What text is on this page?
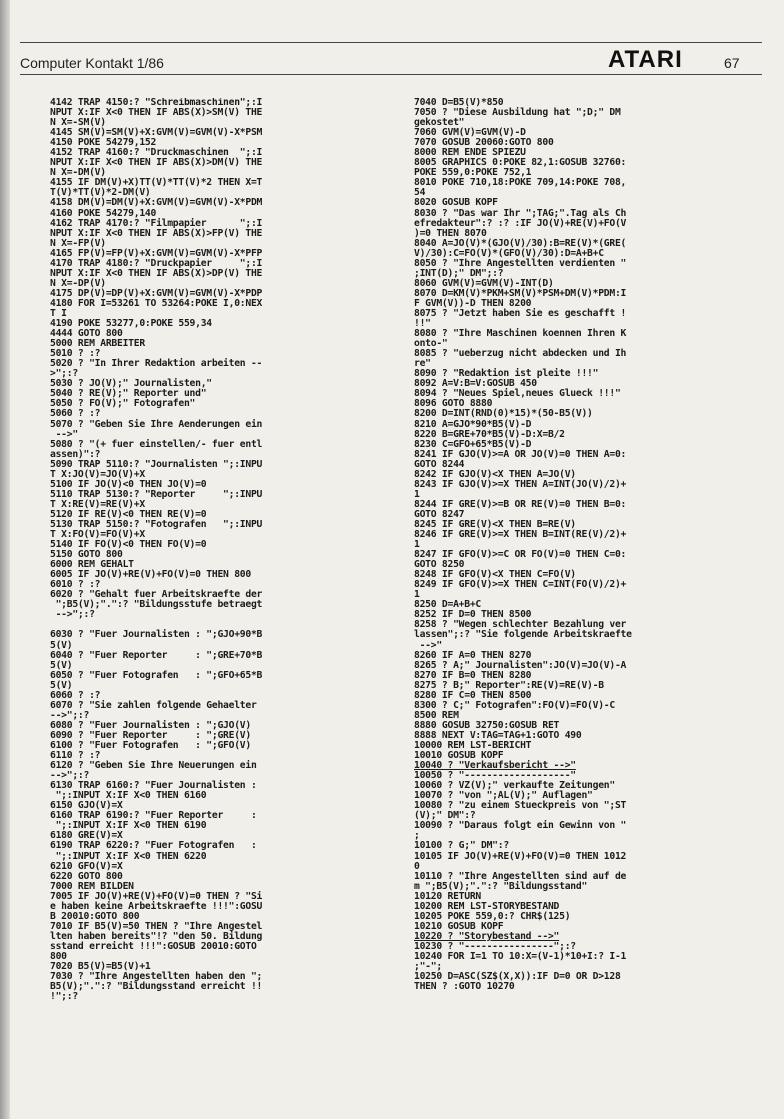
Computer Kontakt 1/86	ATARI	67
4142 TRAP 4150:? "Schreibmaschinen";:I
NPUT X:IF X<0 THEN IF ABS(X)>SM(V) THE
N X=-SM(V)
4145 SM(V)=SM(V)+X:GVM(V)=GVM(V)-X*PSM
4150 POKE 54279,152
4152 TRAP 4160:? "Druckmaschinen  ";:I
NPUT X:IF X<0 THEN IF ABS(X)>DM(V) THE
N X=-DM(V)
4155 IF DM(V)+X)TT(V)*TT(V)*2 THEN X=T
T(V)*TT(V)*2-DM(V)
4158 DM(V)=DM(V)+X:GVM(V)=GVM(V)-X*PDM
4160 POKE 54279,140
4162 TRAP 4170:? "Filmpapier      ";:I
NPUT X:IF X<0 THEN IF ABS(X)>FP(V) THE
N X=-FP(V)
4165 FP(V)=FP(V)+X:GVM(V)=GVM(V)-X*PFP
4170 TRAP 4180:? "Druckpapier     ";:I
NPUT X:IF X<0 THEN IF ABS(X)>DP(V) THE
N X=-DP(V)
4175 DP(V)=DP(V)+X:GVM(V)=GVM(V)-X*PDP
4180 FOR I=53261 TO 53264:POKE I,0:NEX
T I
4190 POKE 53277,0:POKE 559,34
4444 GOTO 800
5000 REM ARBEITER
5010 ? :?
5020 ? "In Ihrer Redaktion arbeiten --
>";:?
5030 ? JO(V);" Journalisten,"
5040 ? RE(V);" Reporter und"
5050 ? FO(V);" Fotografen"
5060 ? :?
5070 ? "Geben Sie Ihre Aenderungen ein
-->"
5080 ? "(+ fuer einstellen/- fuer entl
assen)":?
5090 TRAP 5110:? "Journalisten ";:INPU
T X:JO(V)=JO(V)+X
5100 IF JO(V)<0 THEN JO(V)=0
5110 TRAP 5130:? "Reporter     ";:INPU
T X:RE(V)=RE(V)+X
5120 IF RE(V)<0 THEN RE(V)=0
5130 TRAP 5150:? "Fotografen   ";:INPU
T X:FO(V)=FO(V)+X
5140 IF FO(V)<0 THEN FO(V)=0
5150 GOTO 800
6000 REM GEHALT
6005 IF JO(V)+RE(V)+FO(V)=0 THEN 800
6010 ? :?
6020 ? "Gehalt fuer Arbeitskraefte der
";B5(V);".":? "Bildungsstufe betraegt
-->";:?
6030 ? "Fuer Journalisten : ";GJO+90*B
5(V)
6040 ? "Fuer Reporter     : ";GRE+70*B
5(V)
6050 ? "Fuer Fotografen   : ";GFO+65*B
5(V)
6060 ? :?
6070 ? "Sie zahlen folgende Gehaelter
-->";:?
6080 ? "Fuer Journalisten : ";GJO(V)
6090 ? "Fuer Reporter     : ";GRE(V)
6100 ? "Fuer Fotografen   : ";GFO(V)
6110 ? :?
6120 ? "Geben Sie Ihre Neuerungen ein
-->";:?
6130 TRAP 6160:? "Fuer Journalisten :
";:INPUT X:IF X<0 THEN 6160
6150 GJO(V)=X
6160 TRAP 6190:? "Fuer Reporter     :
";:INPUT X:IF X<0 THEN 6190
6180 GRE(V)=X
6190 TRAP 6220:? "Fuer Fotografen   :
";:INPUT X:IF X<0 THEN 6220
6210 GFO(V)=X
6220 GOTO 800
7000 REM BILDEN
7005 IF JO(V)+RE(V)+FO(V)=0 THEN ? "Si
e haben keine Arbeitskraefte !!!":GOSU
B 20010:GOTO 800
7010 IF B5(V)=50 THEN ? "Ihre Angestel
lten haben bereits"!? "den 50. Bildung
sstand erreicht !!!":GOSUB 20010:GOTO
800
7020 B5(V)=B5(V)+1
7030 ? "Ihre Angestellten haben den ";
B5(V);".":? "Bildungsstand erreicht !!
!";:?
7040 D=B5(V)*850
7050 ? "Diese Ausbildung hat ";D;" DM
gekostet"
7060 GVM(V)=GVM(V)-D
7070 GOSUB 20060:GOTO 800
8000 REM ENDE SPIEZU
8005 GRAPHICS 0:POKE 82,1:GOSUB 32760:
POKE 559,0:POKE 752,1
8010 POKE 710,18:POKE 709,14:POKE 708,
54
8020 GOSUB KOPF
8030 ? "Das war Ihr ";TAG;".Tag als Ch
efredakteur":? :? :IF JO(V)+RE(V)+FO(V
)=0 THEN 8070
8040 A=JO(V)*(GJO(V)/30):B=RE(V)*(GRE(
V)/30):C=FO(V)*(GFO(V)/30):D=A+B+C
8050 ? "Ihre Angestellten verdienten "
;INT(D);" DM";:?
8060 GVM(V)=GVM(V)-INT(D)
8070 D=KM(V)*PKM+SM(V)*PSM+DM(V)*PDM:I
F GVM(V))-D THEN 8200
8075 ? "Jetzt haben Sie es geschafft !
!!"
8080 ? "Ihre Maschinen koennen Ihren K
onto-"
8085 ? "ueberzug nicht abdecken und Ih
re"
8090 ? "Redaktion ist pleite !!!"
8092 A=V:B=V:GOSUB 450
8094 ? "Neues Spiel,neues Glueck !!!"
8096 GOTO 8880
8200 D=INT(RND(0)*15)*(50-B5(V))
8210 A=GJO*90*B5(V)-D
8220 B=GRE+70*B5(V)-D:X=B/2
8230 C=GFO+65*B5(V)-D
8241 IF GJO(V)>=A OR JO(V)=0 THEN A=0:
GOTO 8244
8242 IF GJO(V)<X THEN A=JO(V)
8243 IF GJO(V)>=X THEN A=INT(JO(V)/2)+
1
8244 IF GRE(V)>=B OR RE(V)=0 THEN B=0:
GOTO 8247
8245 IF GRE(V)<X THEN B=RE(V)
8246 IF GRE(V)>=X THEN B=INT(RE(V)/2)+
1
8247 IF GFO(V)>=C OR FO(V)=0 THEN C=0:
GOTO 8250
8248 IF GFO(V)<X THEN C=FO(V)
8249 IF GFO(V)>=X THEN C=INT(FO(V)/2)+
1
8250 D=A+B+C
8252 IF D=0 THEN 8500
8258 ? "Wegen schlechter Bezahlung ver
lassen";:? "Sie folgende Arbeitskraefte
-->"
8260 IF A=0 THEN 8270
8265 ? A;" Journalisten":JO(V)=JO(V)-A
8270 IF B=0 THEN 8280
8275 ? B;" Reporter":RE(V)=RE(V)-B
8280 IF C=0 THEN 8500
8300 ? C;" Fotografen":FO(V)=FO(V)-C
8500 REM
8880 GOSUB 32750:GOSUB RET
8888 NEXT V:TAG=TAG+1:GOTO 490
10000 REM LST-BERICHT
10010 GOSUB KOPF
10040 ? "Verkaufsbericht -->"
10050 ? "-------------------"
10060 ? VZ(V);" verkaufte Zeitungen"
10070 ? "von ";AL(V);" Auflagen"
10080 ? "zu einem Stueckpreis von ";ST
(V);" DM":?
10090 ? "Daraus folgt ein Gewinn von "
;
10100 ? G;" DM":?
10105 IF JO(V)+RE(V)+FO(V)=0 THEN 1012
0
10110 ? "Ihre Angestellten sind auf de
m ";B5(V);".":? "Bildungsstand"
10120 RETURN
10200 REM LST-STORYBESTAND
10205 POKE 559,0:? CHR$(125)
10210 GOSUB KOPF
10220 ? "Storybestand -->"
10230 ? "----------------";:?
10240 FOR I=1 TO 10:X=(V-1)*10+I:? I-1
;"-";
10250 D=ASC(SZ$(X,X)):IF D=0 OR D>128
THEN ? :GOTO 10270
